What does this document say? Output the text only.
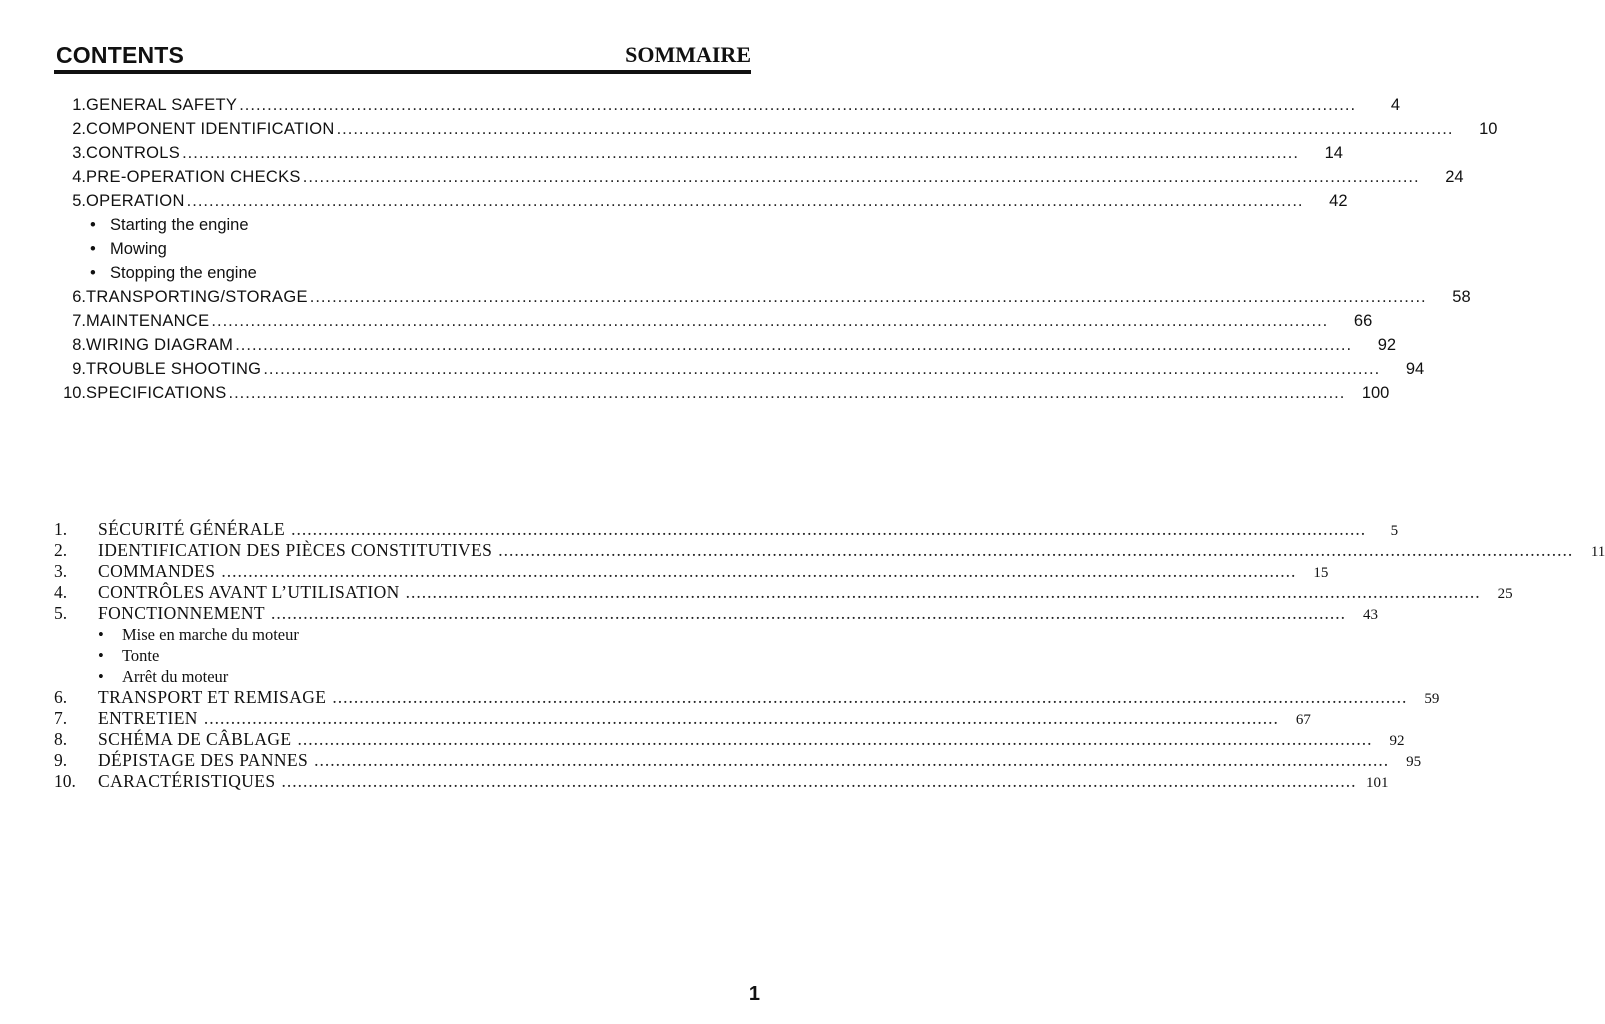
CONTENTS	SOMMAIRE
1. GENERAL SAFETY ........................................................................................................................................................................................................	4
2. COMPONENT IDENTIFICATION ........................................................................................................................................................................................................	10
3. CONTROLS ........................................................................................................................................................................................................	14
4. PRE-OPERATION CHECKS ........................................................................................................................................................................................................	24
5. OPERATION ........................................................................................................................................................................................................	42
• Starting the engine
• Mowing
• Stopping the engine
6. TRANSPORTING/STORAGE ........................................................................................................................................................................................................	58
7. MAINTENANCE ........................................................................................................................................................................................................	66
8. WIRING DIAGRAM ........................................................................................................................................................................................................	92
9. TROUBLE SHOOTING ........................................................................................................................................................................................................	94
10. SPECIFICATIONS ........................................................................................................................................................................................................ 100
1.	SÉCURITÉ GÉNÉRALE ........................................................................................................................................................................................................	5
2.	IDENTIFICATION DES PIÈCES CONSTITUTIVES ........................................................................................................................................................................................................	11
3.	COMMANDES ........................................................................................................................................................................................................	15
4.	CONTRÔLES AVANT L’UTILISATION ........................................................................................................................................................................................................	25
5.	FONCTIONNEMENT ........................................................................................................................................................................................................	43
•	Mise en marche du moteur
•	Tonte
•	Arrêt du moteur
6.	TRANSPORT ET REMISAGE ........................................................................................................................................................................................................	59
7.	ENTRETIEN ........................................................................................................................................................................................................	67
8.	SCHÉMA DE CÂBLAGE ........................................................................................................................................................................................................	92
9.	DÉPISTAGE DES PANNES ........................................................................................................................................................................................................	95
10.	CARACTÉRISTIQUES ........................................................................................................................................................................................................ 101
1
